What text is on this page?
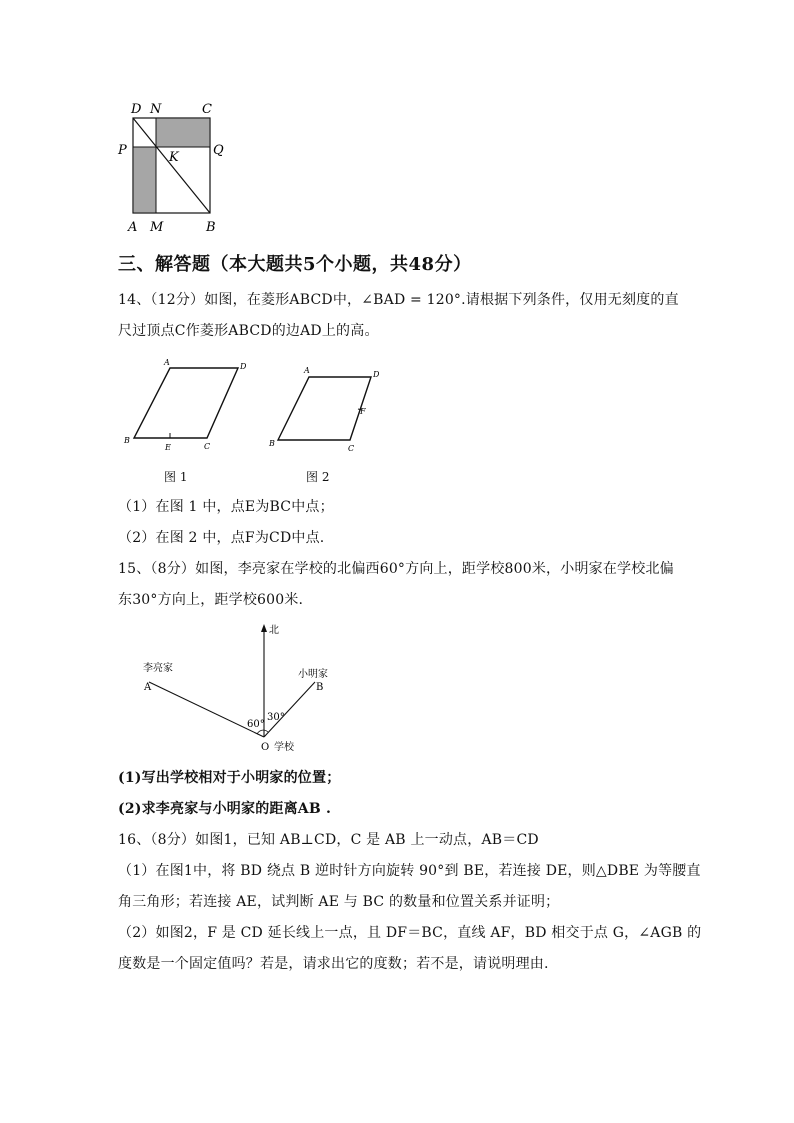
D N	C
P	K	Q
A M	B
三、解答题（本大题共5个小题，共48分）
14、（12分）如图，在菱形ABCD中，∠BAD = 120°.请根据下列条件，仅用无刻度的直
尺过顶点C作菱形ABCD的边AD上的高。
A	D
B
E	C
图 1
A	D
F
B
C
图 2
（1）在图 1 中，点E为BC中点；
（2）在图 2 中，点F为CD中点.
15、（8分）如图，李亮家在学校的北偏西60°方向上，距学校800米，小明家在学校北偏
东30°方向上，距学校600米.
北
李亮家
A
小明家
B
60°
30°
O 学校
(1)写出学校相对于小明家的位置；
(2)求李亮家与小明家的距离AB .
16、（8分）如图1，已知 AB⊥CD，C 是 AB 上一动点，AB＝CD
（1）在图1中，将 BD 绕点 B 逆时针方向旋转 90°到 BE，若连接 DE，则△DBE 为等腰直
角三角形；若连接 AE，试判断 AE 与 BC 的数量和位置关系并证明；
（2）如图2，F 是 CD 延长线上一点，且 DF＝BC，直线 AF，BD 相交于点 G，∠AGB 的
度数是一个固定值吗？若是，请求出它的度数；若不是，请说明理由.
